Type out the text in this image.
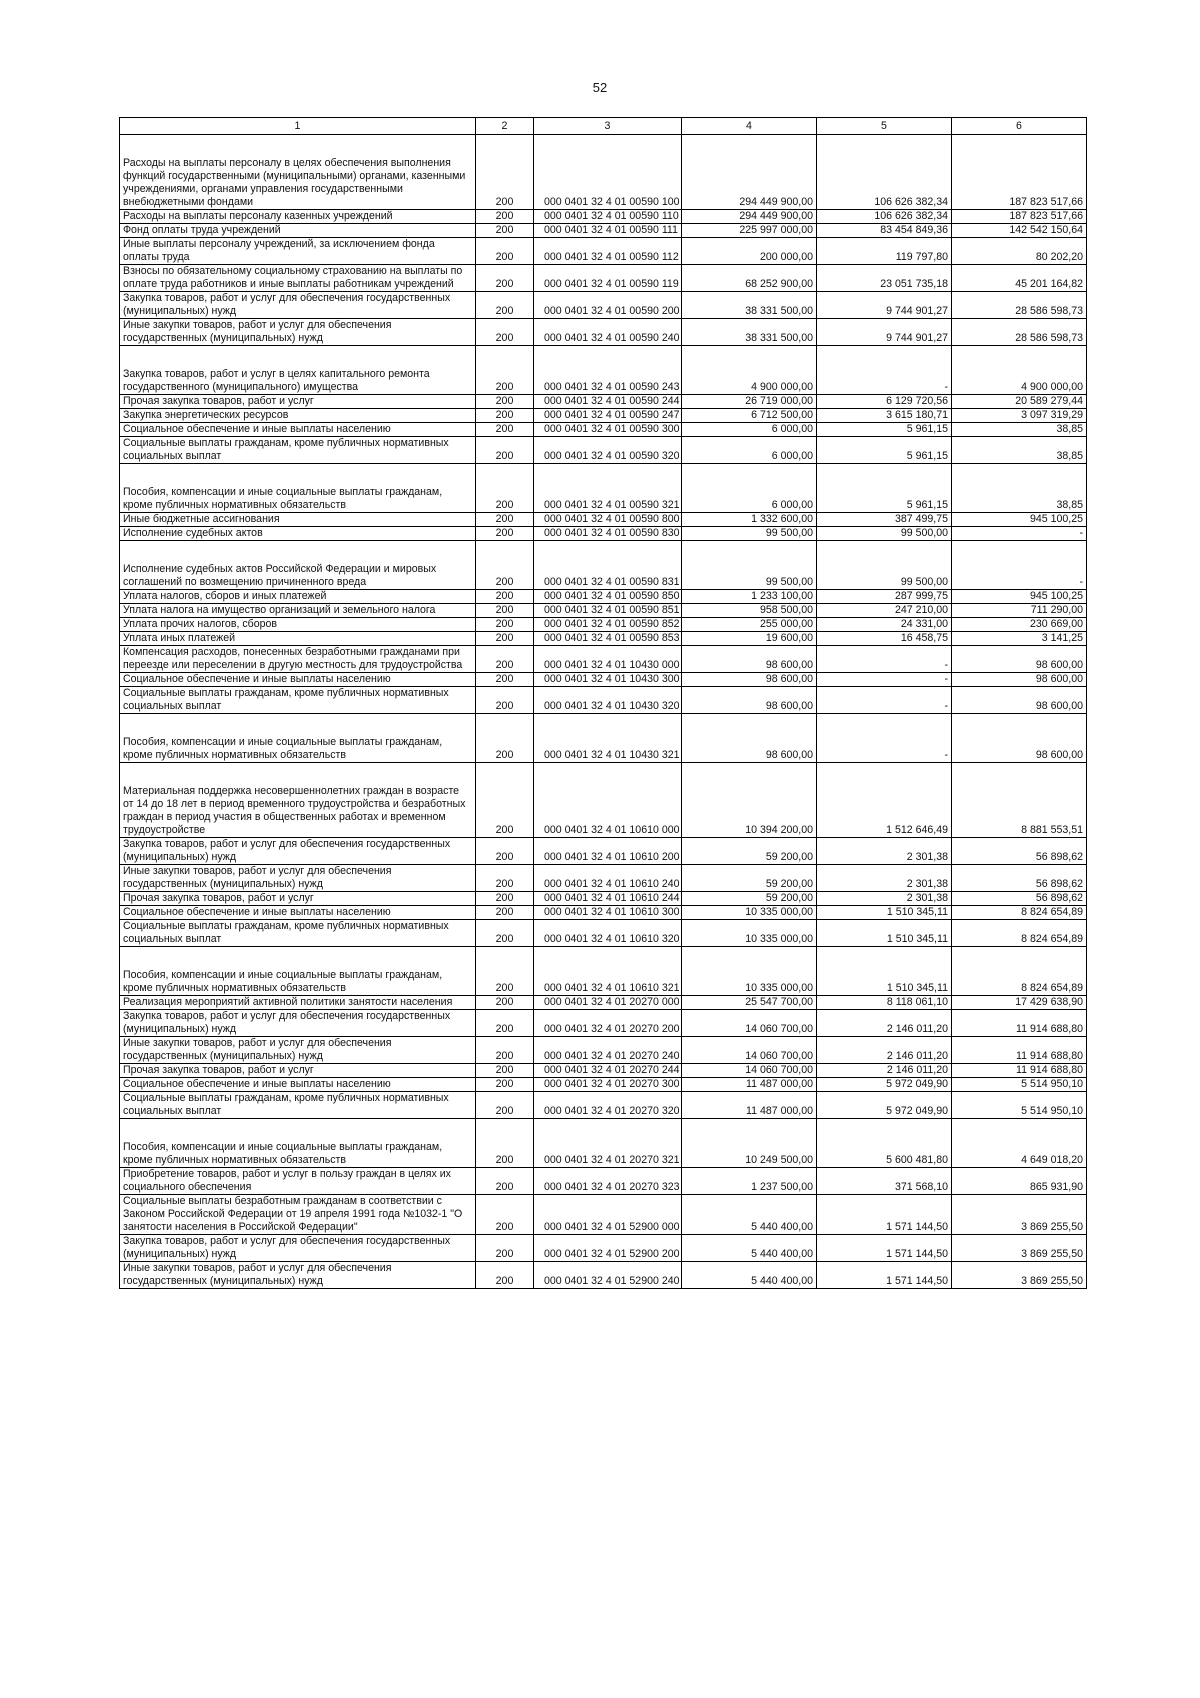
52
1	2	3	4	5	6

Расходы на выплаты персоналу в целях обеспечения выполнения функций государственными (муниципальными) органами, казенными учреждениями, органами управления государственными внебюджетными фондами	200	000 0401 32 4 01 00590 100	294 449 900,00	106 626 382,34	187 823 517,66
Расходы на выплаты персоналу казенных учреждений	200	000 0401 32 4 01 00590 110	294 449 900,00	106 626 382,34	187 823 517,66
Фонд оплаты труда учреждений	200	000 0401 32 4 01 00590 111	225 997 000,00	83 454 849,36	142 542 150,64
Иные выплаты персоналу учреждений, за исключением фонда оплаты труда	200	000 0401 32 4 01 00590 112	200 000,00	119 797,80	80 202,20
Взносы по обязательному социальному страхованию на выплаты по оплате труда работников и иные выплаты работникам учреждений	200	000 0401 32 4 01 00590 119	68 252 900,00	23 051 735,18	45 201 164,82
Закупка товаров, работ и услуг для обеспечения государственных (муниципальных) нужд	200	000 0401 32 4 01 00590 200	38 331 500,00	9 744 901,27	28 586 598,73
Иные закупки товаров, работ и услуг для обеспечения государственных (муниципальных) нужд	200	000 0401 32 4 01 00590 240	38 331 500,00	9 744 901,27	28 586 598,73

Закупка товаров, работ и услуг в целях капитального ремонта государственного (муниципального) имущества	200	000 0401 32 4 01 00590 243	4 900 000,00	-	4 900 000,00
Прочая закупка товаров, работ и услуг	200	000 0401 32 4 01 00590 244	26 719 000,00	6 129 720,56	20 589 279,44
Закупка энергетических ресурсов	200	000 0401 32 4 01 00590 247	6 712 500,00	3 615 180,71	3 097 319,29
Социальное обеспечение и иные выплаты населению	200	000 0401 32 4 01 00590 300	6 000,00	5 961,15	38,85
Социальные выплаты гражданам, кроме публичных нормативных социальных выплат	200	000 0401 32 4 01 00590 320	6 000,00	5 961,15	38,85

Пособия, компенсации и иные социальные выплаты гражданам, кроме публичных нормативных обязательств	200	000 0401 32 4 01 00590 321	6 000,00	5 961,15	38,85
Иные бюджетные ассигнования	200	000 0401 32 4 01 00590 800	1 332 600,00	387 499,75	945 100,25
Исполнение судебных актов	200	000 0401 32 4 01 00590 830	99 500,00	99 500,00	-

Исполнение судебных актов Российской Федерации и мировых соглашений по возмещению причиненного вреда	200	000 0401 32 4 01 00590 831	99 500,00	99 500,00	-
Уплата налогов, сборов и иных платежей	200	000 0401 32 4 01 00590 850	1 233 100,00	287 999,75	945 100,25
Уплата налога на имущество организаций и земельного налога	200	000 0401 32 4 01 00590 851	958 500,00	247 210,00	711 290,00
Уплата прочих налогов, сборов	200	000 0401 32 4 01 00590 852	255 000,00	24 331,00	230 669,00
Уплата иных платежей	200	000 0401 32 4 01 00590 853	19 600,00	16 458,75	3 141,25
Компенсация расходов, понесенных безработными гражданами при переезде или переселении в другую местность для трудоустройства	200	000 0401 32 4 01 10430 000	98 600,00	-	98 600,00
Социальное обеспечение и иные выплаты населению	200	000 0401 32 4 01 10430 300	98 600,00	-	98 600,00
Социальные выплаты гражданам, кроме публичных нормативных социальных выплат	200	000 0401 32 4 01 10430 320	98 600,00	-	98 600,00

Пособия, компенсации и иные социальные выплаты гражданам, кроме публичных нормативных обязательств	200	000 0401 32 4 01 10430 321	98 600,00	-	98 600,00

Материальная поддержка несовершеннолетних граждан в возрасте от 14 до 18 лет в период временного трудоустройства и безработных граждан в период участия в общественных работах и временном трудоустройстве	200	000 0401 32 4 01 10610 000	10 394 200,00	1 512 646,49	8 881 553,51
Закупка товаров, работ и услуг для обеспечения государственных (муниципальных) нужд	200	000 0401 32 4 01 10610 200	59 200,00	2 301,38	56 898,62
Иные закупки товаров, работ и услуг для обеспечения государственных (муниципальных) нужд	200	000 0401 32 4 01 10610 240	59 200,00	2 301,38	56 898,62
Прочая закупка товаров, работ и услуг	200	000 0401 32 4 01 10610 244	59 200,00	2 301,38	56 898,62
Социальное обеспечение и иные выплаты населению	200	000 0401 32 4 01 10610 300	10 335 000,00	1 510 345,11	8 824 654,89
Социальные выплаты гражданам, кроме публичных нормативных социальных выплат	200	000 0401 32 4 01 10610 320	10 335 000,00	1 510 345,11	8 824 654,89

Пособия, компенсации и иные социальные выплаты гражданам, кроме публичных нормативных обязательств	200	000 0401 32 4 01 10610 321	10 335 000,00	1 510 345,11	8 824 654,89
Реализация мероприятий активной политики занятости населения	200	000 0401 32 4 01 20270 000	25 547 700,00	8 118 061,10	17 429 638,90
Закупка товаров, работ и услуг для обеспечения государственных (муниципальных) нужд	200	000 0401 32 4 01 20270 200	14 060 700,00	2 146 011,20	11 914 688,80
Иные закупки товаров, работ и услуг для обеспечения государственных (муниципальных) нужд	200	000 0401 32 4 01 20270 240	14 060 700,00	2 146 011,20	11 914 688,80
Прочая закупка товаров, работ и услуг	200	000 0401 32 4 01 20270 244	14 060 700,00	2 146 011,20	11 914 688,80
Социальное обеспечение и иные выплаты населению	200	000 0401 32 4 01 20270 300	11 487 000,00	5 972 049,90	5 514 950,10
Социальные выплаты гражданам, кроме публичных нормативных социальных выплат	200	000 0401 32 4 01 20270 320	11 487 000,00	5 972 049,90	5 514 950,10

Пособия, компенсации и иные социальные выплаты гражданам, кроме публичных нормативных обязательств	200	000 0401 32 4 01 20270 321	10 249 500,00	5 600 481,80	4 649 018,20
Приобретение товаров, работ и услуг в пользу граждан в целях их социального обеспечения	200	000 0401 32 4 01 20270 323	1 237 500,00	371 568,10	865 931,90
Социальные выплаты безработным гражданам в соответствии с Законом Российской Федерации от 19 апреля 1991 года №1032-1 "О занятости населения в Российской Федерации"	200	000 0401 32 4 01 52900 000	5 440 400,00	1 571 144,50	3 869 255,50
Закупка товаров, работ и услуг для обеспечения государственных (муниципальных) нужд	200	000 0401 32 4 01 52900 200	5 440 400,00	1 571 144,50	3 869 255,50
Иные закупки товаров, работ и услуг для обеспечения государственных (муниципальных) нужд	200	000 0401 32 4 01 52900 240	5 440 400,00	1 571 144,50	3 869 255,50
